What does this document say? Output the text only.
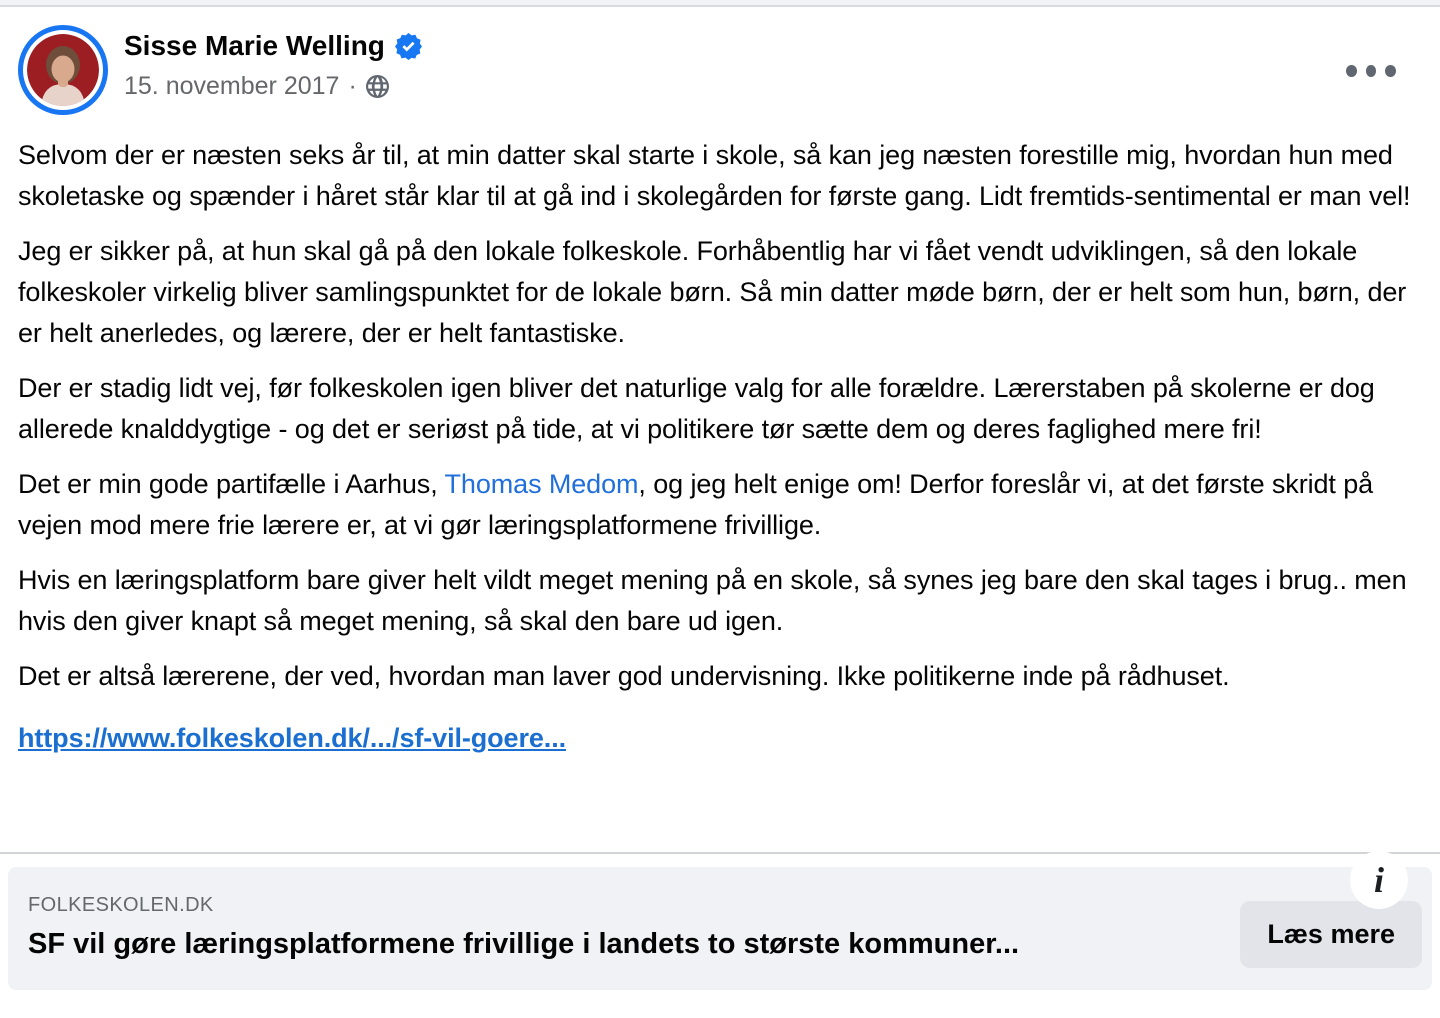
Sisse Marie Welling
15. november 2017 ·

Selvom der er næsten seks år til, at min datter skal starte i skole, så kan jeg næsten forestille mig, hvordan hun med skoletaske og spænder i håret står klar til at gå ind i skolegården for første gang. Lidt fremtids-sentimental er man vel!

Jeg er sikker på, at hun skal gå på den lokale folkeskole. Forhåbentlig har vi fået vendt udviklingen, så den lokale folkeskoler virkelig bliver samlingspunktet for de lokale børn. Så min datter møde børn, der er helt som hun, børn, der er helt anerledes, og lærere, der er helt fantastiske.

Der er stadig lidt vej, før folkeskolen igen bliver det naturlige valg for alle forældre. Lærerstaben på skolerne er dog allerede knalddygtige - og det er seriøst på tide, at vi politikere tør sætte dem og deres faglighed mere fri!

Det er min gode partifælle i Aarhus, Thomas Medom, og jeg helt enige om! Derfor foreslår vi, at det første skridt på vejen mod mere frie lærere er, at vi gør læringsplatformene frivillige.

Hvis en læringsplatform bare giver helt vildt meget mening på en skole, så synes jeg bare den skal tages i brug.. men hvis den giver knapt så meget mening, så skal den bare ud igen.

Det er altså lærerene, der ved, hvordan man laver god undervisning. Ikke politikerne inde på rådhuset.

https://www.folkeskolen.dk/.../sf-vil-goere...
FOLKESKOLEN.DK
SF vil gøre læringsplatformene frivillige i landets to største kommuner...	Læs mere
i
